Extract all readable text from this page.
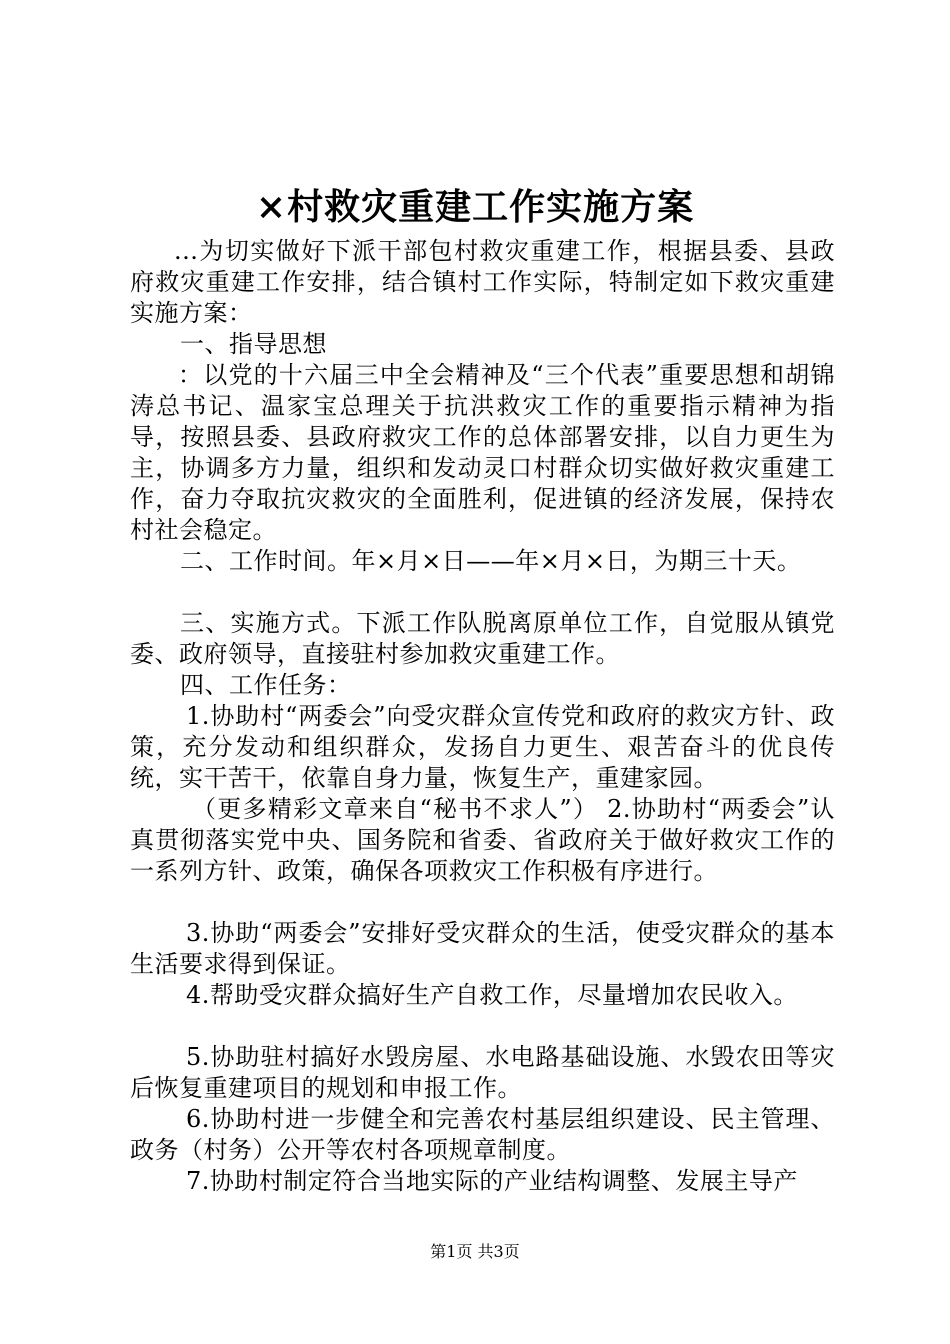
×村救灾重建工作实施方案

...为切实做好下派干部包村救灾重建工作，根据县委、县政府救灾重建工作安排，结合镇村工作实际，特制定如下救灾重建实施方案：

一、指导思想

：以党的十六届三中全会精神及“三个代表”重要思想和胡锦涛总书记、温家宝总理关于抗洪救灾工作的重要指示精神为指导，按照县委、县政府救灾工作的总体部署安排，以自力更生为主，协调多方力量，组织和发动灵口村群众切实做好救灾重建工作，奋力夺取抗灾救灾的全面胜利，促进镇的经济发展，保持农村社会稳定。

二、工作时间。年×月×日——年×月×日，为期三十天。

三、实施方式。下派工作队脱离原单位工作，自觉服从镇党委、政府领导，直接驻村参加救灾重建工作。

四、工作任务：

1.协助村“两委会”向受灾群众宣传党和政府的救灾方针、政策，充分发动和组织群众，发扬自力更生、艰苦奋斗的优良传统，实干苦干，依靠自身力量，恢复生产，重建家园。

（更多精彩文章来自“秘书不求人”） 2.协助村“两委会”认真贯彻落实党中央、国务院和省委、省政府关于做好救灾工作的一系列方针、政策，确保各项救灾工作积极有序进行。

3.协助“两委会”安排好受灾群众的生活，使受灾群众的基本生活要求得到保证。

4.帮助受灾群众搞好生产自救工作，尽量增加农民收入。

5.协助驻村搞好水毁房屋、水电路基础设施、水毁农田等灾后恢复重建项目的规划和申报工作。

6.协助村进一步健全和完善农村基层组织建设、民主管理、政务（村务）公开等农村各项规章制度。

7.协助村制定符合当地实际的产业结构调整、发展主导产

第1页 共3页
